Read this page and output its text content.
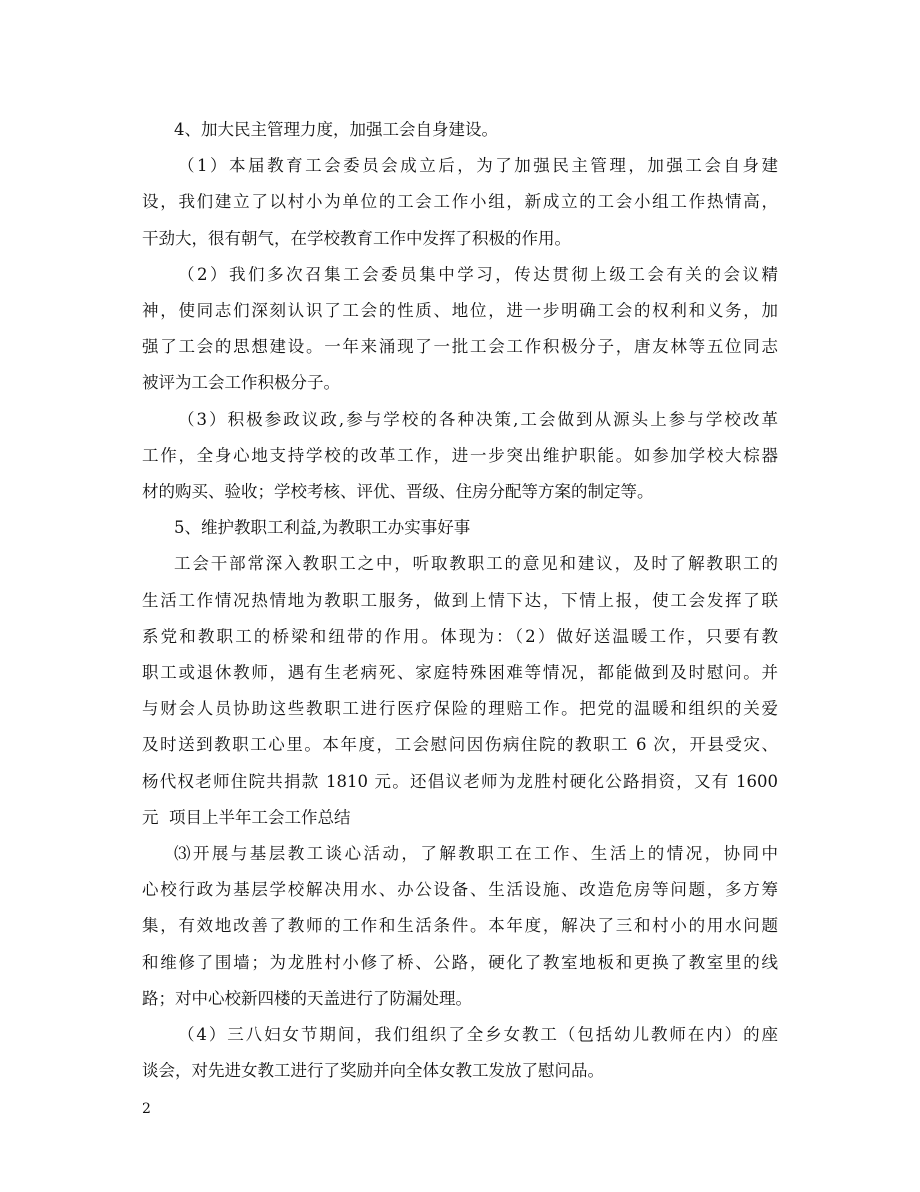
4、加大民主管理力度，加强工会自身建设。

（1）本届教育工会委员会成立后，为了加强民主管理，加强工会自身建
设，我们建立了以村小为单位的工会工作小组，新成立的工会小组工作热情高，
干劲大，很有朝气，在学校教育工作中发挥了积极的作用。

（2）我们多次召集工会委员集中学习，传达贯彻上级工会有关的会议精
神，使同志们深刻认识了工会的性质、地位，进一步明确工会的权利和义务，加
强了工会的思想建设。一年来涌现了一批工会工作积极分子，唐友林等五位同志
被评为工会工作积极分子。

（3）积极参政议政,参与学校的各种决策,工会做到从源头上参与学校改革
工作，全身心地支持学校的改革工作，进一步突出维护职能。如参加学校大棕器
材的购买、验收；学校考核、评优、晋级、住房分配等方案的制定等。

5、维护教职工利益,为教职工办实事好事

工会干部常深入教职工之中，听取教职工的意见和建议，及时了解教职工的
生活工作情况热情地为教职工服务，做到上情下达，下情上报，使工会发挥了联
系党和教职工的桥梁和纽带的作用。体现为：（2）做好送温暖工作，只要有教
职工或退休教师，遇有生老病死、家庭特殊困难等情况，都能做到及时慰问。并
与财会人员协助这些教职工进行医疗保险的理赔工作。把党的温暖和组织的关爱
及时送到教职工心里。本年度，工会慰问因伤病住院的教职工 6 次，开县受灾、
杨代权老师住院共捐款 1810 元。还倡议老师为龙胜村硬化公路捐资，又有 1600
元  项目上半年工会工作总结

⑶开展与基层教工谈心活动，了解教职工在工作、生活上的情况，协同中
心校行政为基层学校解决用水、办公设备、生活设施、改造危房等问题，多方筹
集，有效地改善了教师的工作和生活条件。本年度，解决了三和村小的用水问题
和维修了围墙；为龙胜村小修了桥、公路，硬化了教室地板和更换了教室里的线
路；对中心校新四楼的天盖进行了防漏处理。

（4）三八妇女节期间，我们组织了全乡女教工（包括幼儿教师在内）的座
谈会，对先进女教工进行了奖励并向全体女教工发放了慰问品。

2
